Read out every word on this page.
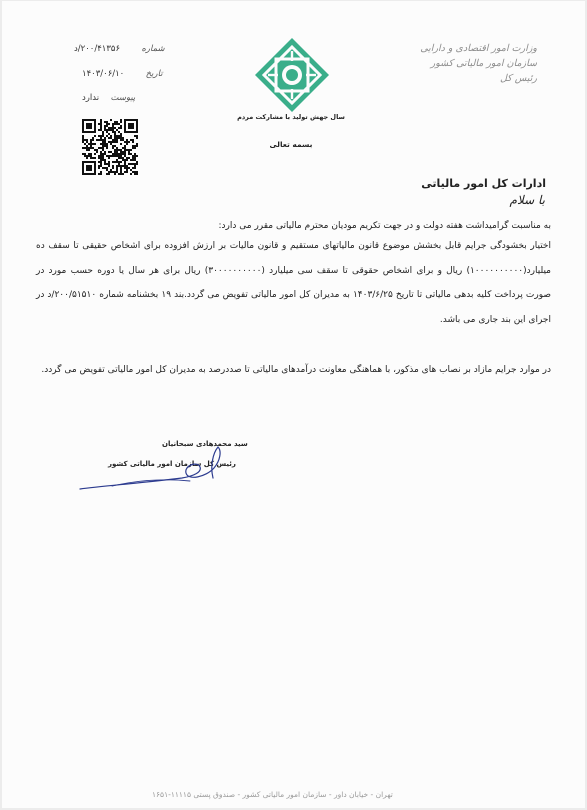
وزارت امور اقتصادی و دارایی
سازمان امور مالیاتی کشور
رئیس کل
سال جهش تولید با مشارکت مردم
بسمه تعالی
شماره  ۲۰۰/۴۱۳۵۶/د
تاریخ  ۱۴۰۳/۰۶/۱۰
پیوست  ندارد
ادارات کل امور مالیاتی
با سلام
به مناسبت گرامیداشت هفته دولت و در جهت تکریم مودیان محترم مالیاتی مقرر می دارد:
اختیار بخشودگی جرایم قابل بخشش موضوع قانون مالیاتهای مستقیم و قانون مالیات بر ارزش افزوده برای اشخاص حقیقی تا سقف ده میلیارد(۱۰۰۰۰۰۰۰۰۰۰) ریال و برای اشخاص حقوقی تا سقف سی میلیارد (۳۰۰۰۰۰۰۰۰۰۰) ریال برای هر سال یا دوره حسب مورد در صورت پرداخت کلیه بدهی مالیاتی تا تاریخ ۱۴۰۳/۶/۲۵ به مدیران کل امور مالیاتی تفویض می گردد.بند ۱۹ بخشنامه شماره ۲۰۰/۵۱۵۱۰/د در اجرای این بند جاری می باشد.
در موارد جرایم مازاد بر نصاب های مذکور، با هماهنگی معاونت درآمدهای مالیاتی تا صددرصد به مدیران کل امور مالیاتی تفویض می گردد.
سید محمدهادی سبحانیان
رئیس کل سازمان امور مالیاتی کشور
تهران - خیابان داور - سازمان امور مالیاتی کشور - صندوق پستی ۱۱۱۱۵-۱۶۵۱
